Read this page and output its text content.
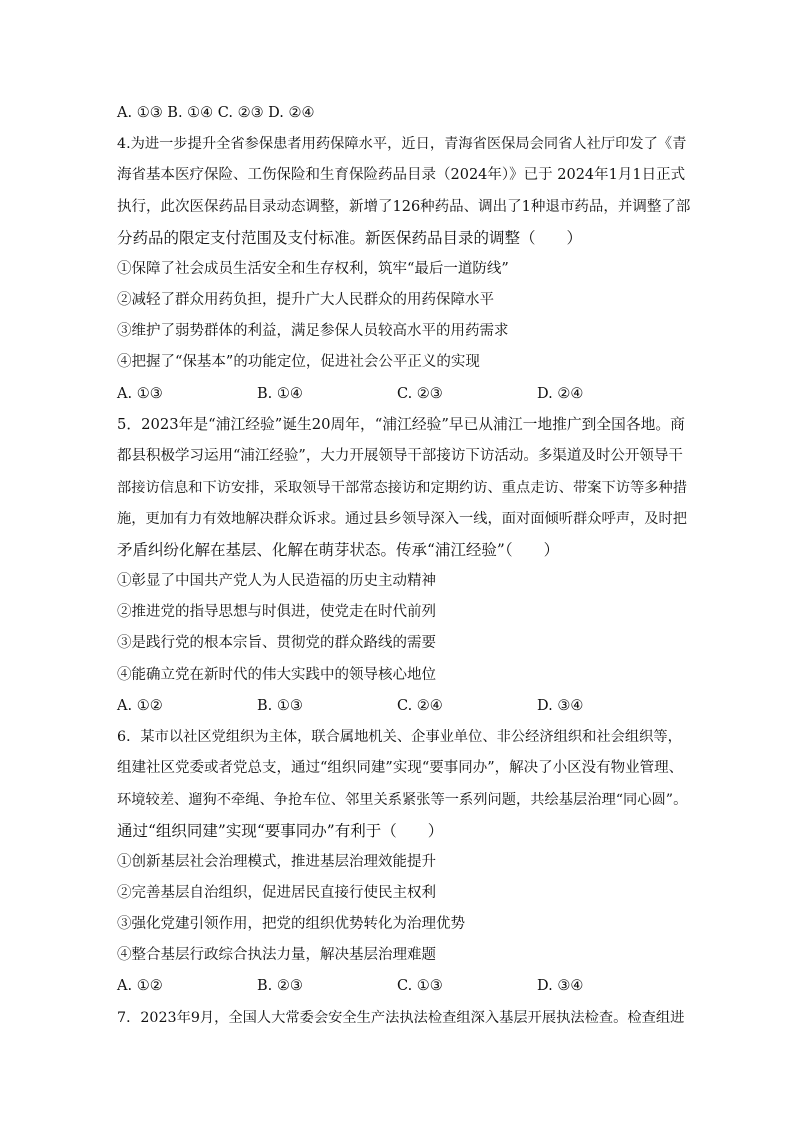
A. ①③ B. ①④ C. ②③ D. ②④
4.为进一步提升全省参保患者用药保障水平，近日，青海省医保局会同省人社厅印发了《青
海省基本医疗保险、工伤保险和生育保险药品目录（2024年）》已于 2024年1月1日正式
执行，此次医保药品目录动态调整，新增了126种药品、调出了1种退市药品，并调整了部
分药品的限定支付范围及支付标准。新医保药品目录的调整（　　）
①保障了社会成员生活安全和生存权利，筑牢“最后一道防线”
②减轻了群众用药负担，提升广大人民群众的用药保障水平
③维护了弱势群体的利益，满足参保人员较高水平的用药需求
④把握了“保基本”的功能定位，促进社会公平正义的实现
A. ①③	B. ①④	C. ②③	D. ②④
5．2023年是“浦江经验”诞生20周年，“浦江经验”早已从浦江一地推广到全国各地。商
都县积极学习运用“浦江经验”，大力开展领导干部接访下访活动。多渠道及时公开领导干
部接访信息和下访安排，采取领导干部常态接访和定期约访、重点走访、带案下访等多种措
施，更加有力有效地解决群众诉求。通过县乡领导深入一线，面对面倾听群众呼声，及时把
矛盾纠纷化解在基层、化解在萌芽状态。传承“浦江经验”（　　）
①彰显了中国共产党人为人民造福的历史主动精神
②推进党的指导思想与时俱进，使党走在时代前列
③是践行党的根本宗旨、贯彻党的群众路线的需要
④能确立党在新时代的伟大实践中的领导核心地位
A. ①②	B. ①③	C. ②④	D. ③④
6．某市以社区党组织为主体，联合属地机关、企事业单位、非公经济组织和社会组织等，
组建社区党委或者党总支，通过“组织同建”实现“要事同办”，解决了小区没有物业管理、
环境较差、遛狗不牵绳、争抢车位、邻里关系紧张等一系列问题，共绘基层治理“同心圆”。
通过“组织同建”实现“要事同办”有利于（　　）
①创新基层社会治理模式，推进基层治理效能提升
②完善基层自治组织，促进居民直接行使民主权利
③强化党建引领作用，把党的组织优势转化为治理优势
④整合基层行政综合执法力量，解决基层治理难题
A. ①②	B. ②③	C. ①③	D. ③④
7．2023年9月，全国人大常委会安全生产法执法检查组深入基层开展执法检查。检查组进
